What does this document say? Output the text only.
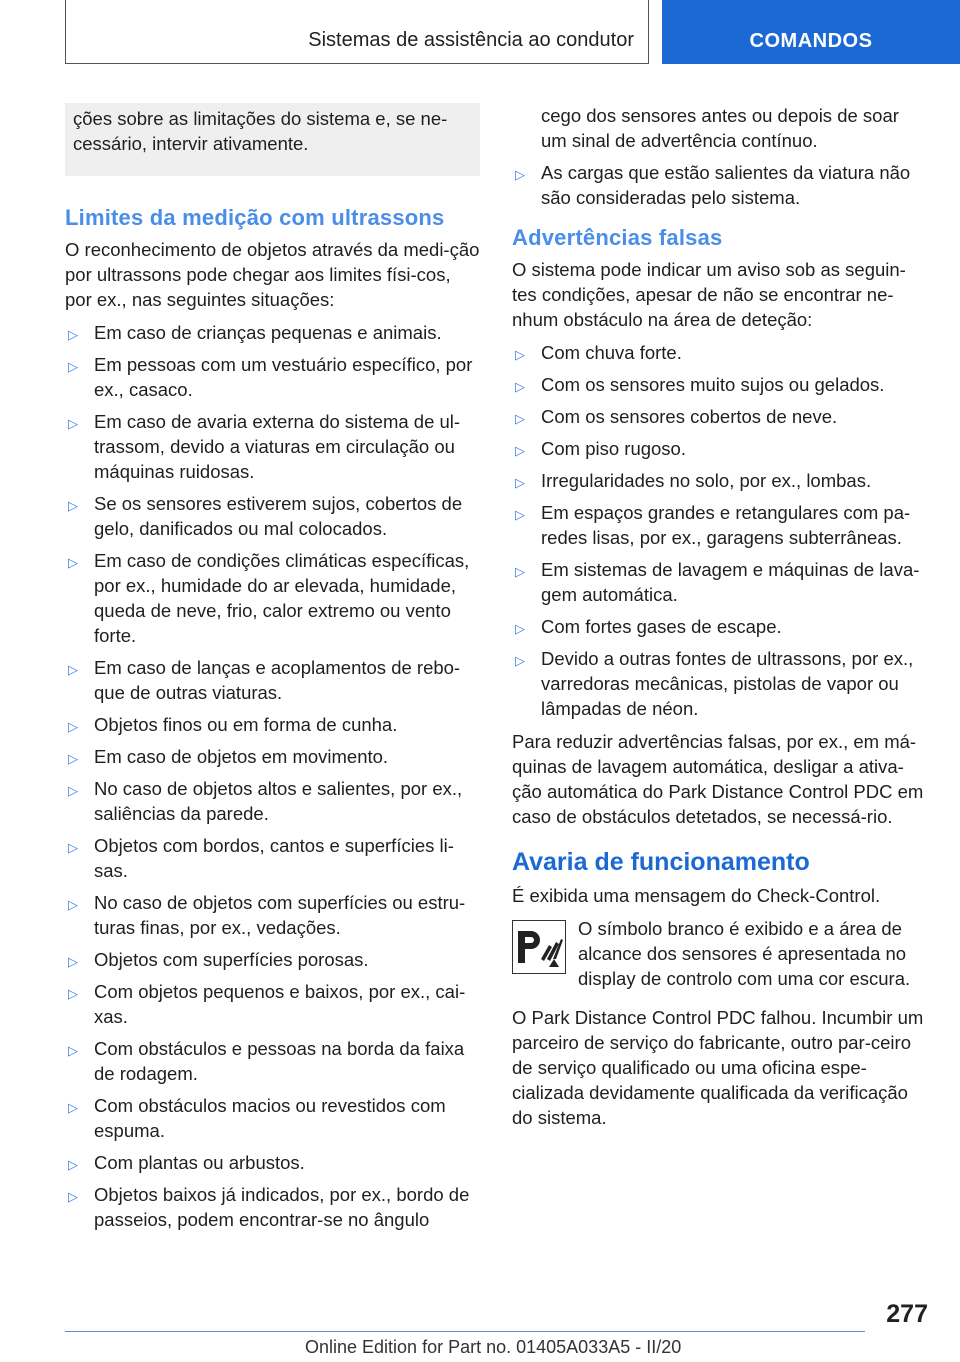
Sistemas de assistência ao condutor	COMANDOS

ções sobre as limitações do sistema e, se ne-cessário, intervir ativamente.

Limites da medição com ultrassons

O reconhecimento de objetos através da medi-ção por ultrassons pode chegar aos limites físi-cos, por ex., nas seguintes situações:

▷ Em caso de crianças pequenas e animais.
▷ Em pessoas com um vestuário específico, por ex., casaco.
▷ Em caso de avaria externa do sistema de ul-trassom, devido a viaturas em circulação ou máquinas ruidosas.
▷ Se os sensores estiverem sujos, cobertos de gelo, danificados ou mal colocados.
▷ Em caso de condições climáticas específicas, por ex., humidade do ar elevada, humidade, queda de neve, frio, calor extremo ou vento forte.
▷ Em caso de lanças e acoplamentos de rebo-que de outras viaturas.
▷ Objetos finos ou em forma de cunha.
▷ Em caso de objetos em movimento.
▷ No caso de objetos altos e salientes, por ex., saliências da parede.
▷ Objetos com bordos, cantos e superfícies li-sas.
▷ No caso de objetos com superfícies ou estru-turas finas, por ex., vedações.
▷ Objetos com superfícies porosas.
▷ Com objetos pequenos e baixos, por ex., cai-xas.
▷ Com obstáculos e pessoas na borda da faixa de rodagem.
▷ Com obstáculos macios ou revestidos com espuma.
▷ Com plantas ou arbustos.
▷ Objetos baixos já indicados, por ex., bordo de passeios, podem encontrar-se no ângulo
cego dos sensores antes ou depois de soar um sinal de advertência contínuo.
▷ As cargas que estão salientes da viatura não são consideradas pelo sistema.
Advertências falsas

O sistema pode indicar um aviso sob as seguin-tes condições, apesar de não se encontrar ne-nhum obstáculo na área de deteção:

▷ Com chuva forte.
▷ Com os sensores muito sujos ou gelados.
▷ Com os sensores cobertos de neve.
▷ Com piso rugoso.
▷ Irregularidades no solo, por ex., lombas.
▷ Em espaços grandes e retangulares com pa-redes lisas, por ex., garagens subterrâneas.
▷ Em sistemas de lavagem e máquinas de lava-gem automática.
▷ Com fortes gases de escape.
▷ Devido a outras fontes de ultrassons, por ex., varredoras mecânicas, pistolas de vapor ou lâmpadas de néon.

Para reduzir advertências falsas, por ex., em má-quinas de lavagem automática, desligar a ativa-ção automática do Park Distance Control PDC em caso de obstáculos detetados, se necessá-rio.

Avaria de funcionamento

É exibida uma mensagem do Check-Control.

O símbolo branco é exibido e a área de alcance dos sensores é apresentada no display de controlo com uma cor escura.

O Park Distance Control PDC falhou. Incumbir um parceiro de serviço do fabricante, outro par-ceiro de serviço qualificado ou uma oficina espe-cializada devidamente qualificada da verificação do sistema.

277
Online Edition for Part no. 01405A033A5 - II/20
